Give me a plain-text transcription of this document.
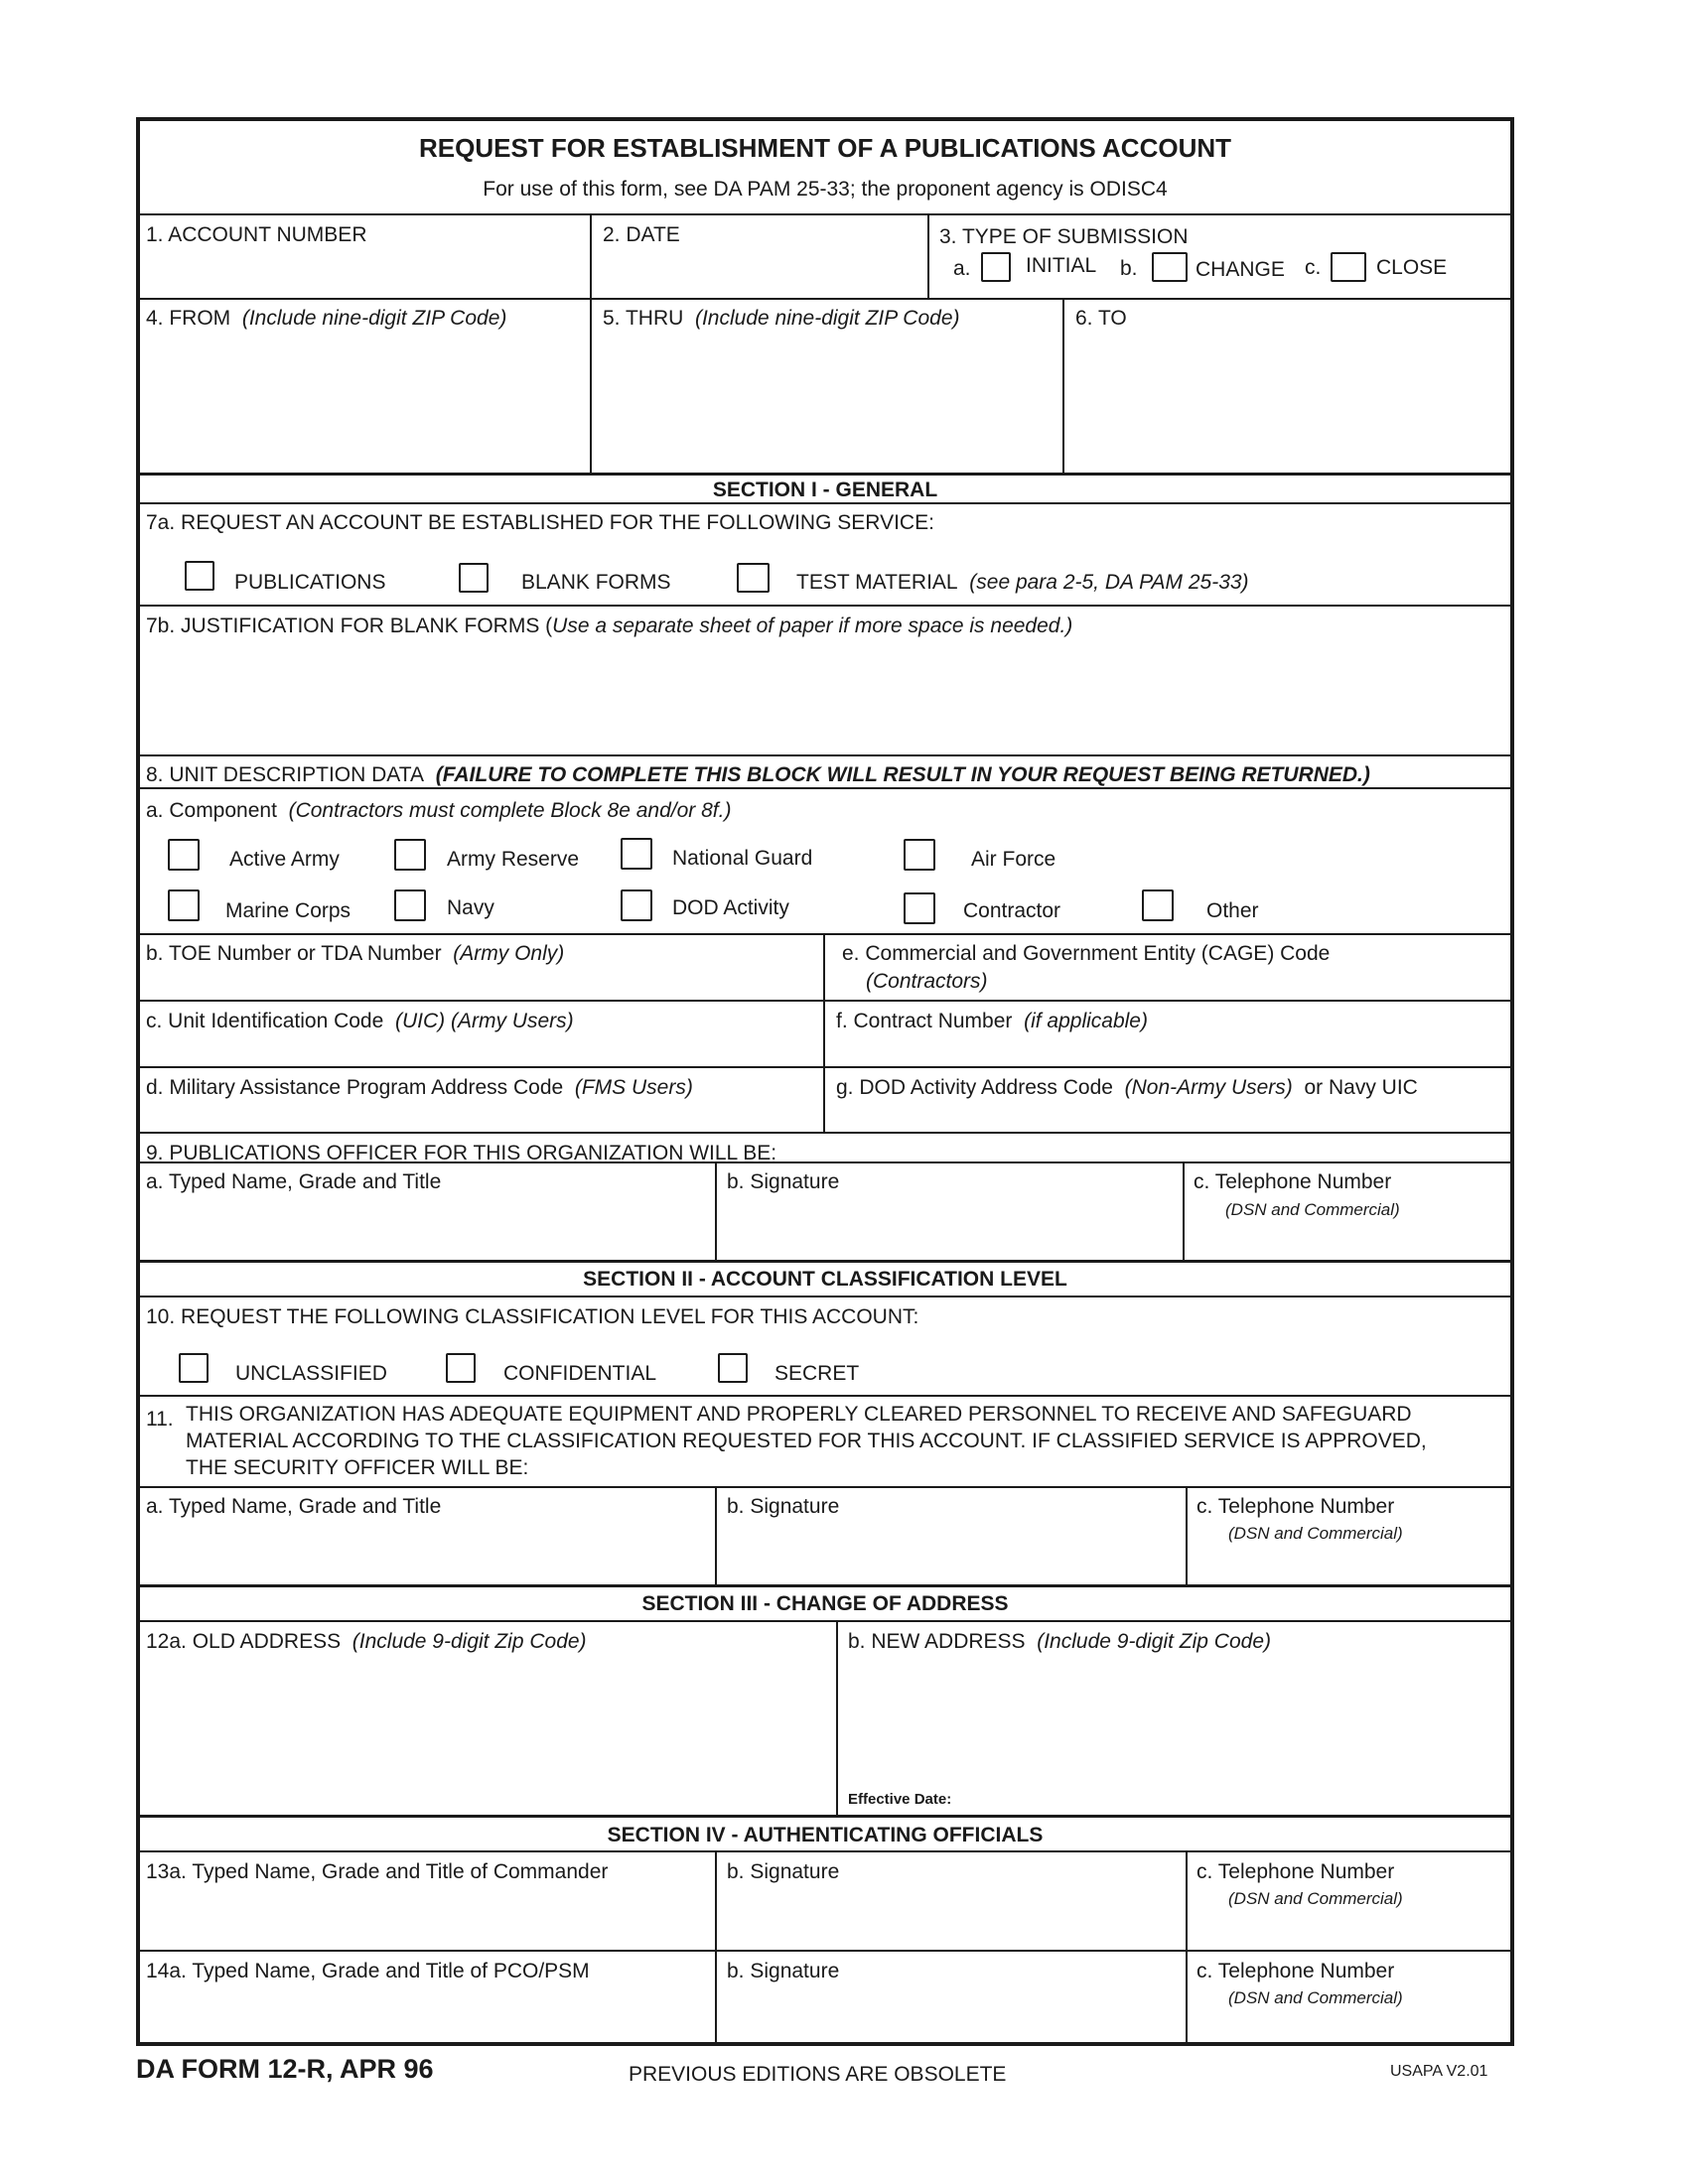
REQUEST FOR ESTABLISHMENT OF A PUBLICATIONS ACCOUNT
For use of this form, see DA PAM 25-33; the proponent agency is ODISC4
1. ACCOUNT NUMBER	2. DATE	3. TYPE OF SUBMISSION
a.	INITIAL b.	CHANGE c.	CLOSE
4. FROM (Include nine-digit ZIP Code)	5. THRU (Include nine-digit ZIP Code)	6. TO
SECTION I - GENERAL
7a. REQUEST AN ACCOUNT BE ESTABLISHED FOR THE FOLLOWING SERVICE:
PUBLICATIONS	BLANK FORMS	TEST MATERIAL (see para 2-5, DA PAM 25-33)
7b. JUSTIFICATION FOR BLANK FORMS (Use a separate sheet of paper if more space is needed.)
8. UNIT DESCRIPTION DATA (FAILURE TO COMPLETE THIS BLOCK WILL RESULT IN YOUR REQUEST BEING RETURNED.)
a. Component (Contractors must complete Block 8e and/or 8f.)
Active Army	Army Reserve	National Guard	Air Force
Marine Corps	Navy	DOD Activity	Contractor	Other
b. TOE Number or TDA Number (Army Only)	e. Commercial and Government Entity (CAGE) Code
(Contractors)
c. Unit Identification Code (UIC) (Army Users)	f. Contract Number (if applicable)
d. Military Assistance Program Address Code (FMS Users)	g. DOD Activity Address Code (Non-Army Users) or Navy UIC
9. PUBLICATIONS OFFICER FOR THIS ORGANIZATION WILL BE:
a. Typed Name, Grade and Title	b. Signature	c. Telephone Number
(DSN and Commercial)
SECTION II - ACCOUNT CLASSIFICATION LEVEL
10. REQUEST THE FOLLOWING CLASSIFICATION LEVEL FOR THIS ACCOUNT:
UNCLASSIFIED	CONFIDENTIAL	SECRET
11. THIS ORGANIZATION HAS ADEQUATE EQUIPMENT AND PROPERLY CLEARED PERSONNEL TO RECEIVE AND SAFEGUARD
MATERIAL ACCORDING TO THE CLASSIFICATION REQUESTED FOR THIS ACCOUNT. IF CLASSIFIED SERVICE IS APPROVED,
THE SECURITY OFFICER WILL BE:
a. Typed Name, Grade and Title	b. Signature	c. Telephone Number
(DSN and Commercial)
SECTION III - CHANGE OF ADDRESS
12a. OLD ADDRESS (Include 9-digit Zip Code)	b. NEW ADDRESS (Include 9-digit Zip Code)
Effective Date:
SECTION IV - AUTHENTICATING OFFICIALS
13a. Typed Name, Grade and Title of Commander	b. Signature	c. Telephone Number
(DSN and Commercial)
14a. Typed Name, Grade and Title of PCO/PSM	b. Signature	c. Telephone Number
(DSN and Commercial)
DA FORM 12-R, APR 96	PREVIOUS EDITIONS ARE OBSOLETE	USAPA V2.01
